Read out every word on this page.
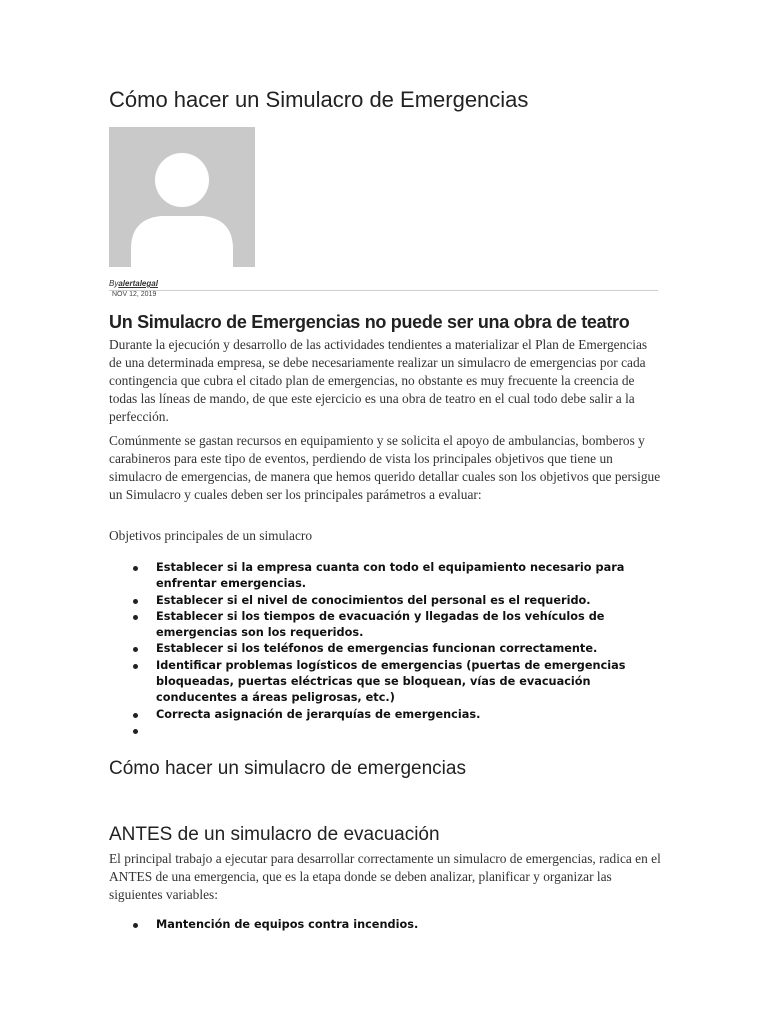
Cómo hacer un Simulacro de Emergencias
Byalertalegal
NOV 12, 2019
Un Simulacro de Emergencias no puede ser una obra de teatro

Durante la ejecución y desarrollo de las actividades tendientes a materializar el Plan de Emergencias de una determinada empresa, se debe necesariamente realizar un simulacro de emergencias por cada contingencia que cubra el citado plan de emergencias, no obstante es muy frecuente la creencia de todas las líneas de mando, de que este ejercicio es una obra de teatro en el cual todo debe salir a la perfección.

Comúnmente se gastan recursos en equipamiento y se solicita el apoyo de ambulancias, bomberos y carabineros para este tipo de eventos, perdiendo de vista los principales objetivos que tiene un simulacro de emergencias, de manera que hemos querido detallar cuales son los objetivos que persigue un Simulacro y cuales deben ser los principales parámetros a evaluar:

Objetivos principales de un simulacro

Establecer si la empresa cuanta con todo el equipamiento necesario para enfrentar emergencias.
Establecer si el nivel de conocimientos del personal es el requerido.
Establecer si los tiempos de evacuación y llegadas de los vehículos de emergencias son los requeridos.
Establecer si los teléfonos de emergencias funcionan correctamente.
Identificar problemas logísticos de emergencias (puertas de emergencias bloqueadas, puertas eléctricas que se bloquean, vías de evacuación conducentes a áreas peligrosas, etc.)
Correcta asignación de jerarquías de emergencias.
Cómo hacer un simulacro de emergencias
ANTES de un simulacro de evacuación

El principal trabajo a ejecutar para desarrollar correctamente un simulacro de emergencias, radica en el ANTES de una emergencia, que es la etapa donde se deben analizar, planificar y organizar las siguientes variables:

Mantención de equipos contra incendios.
